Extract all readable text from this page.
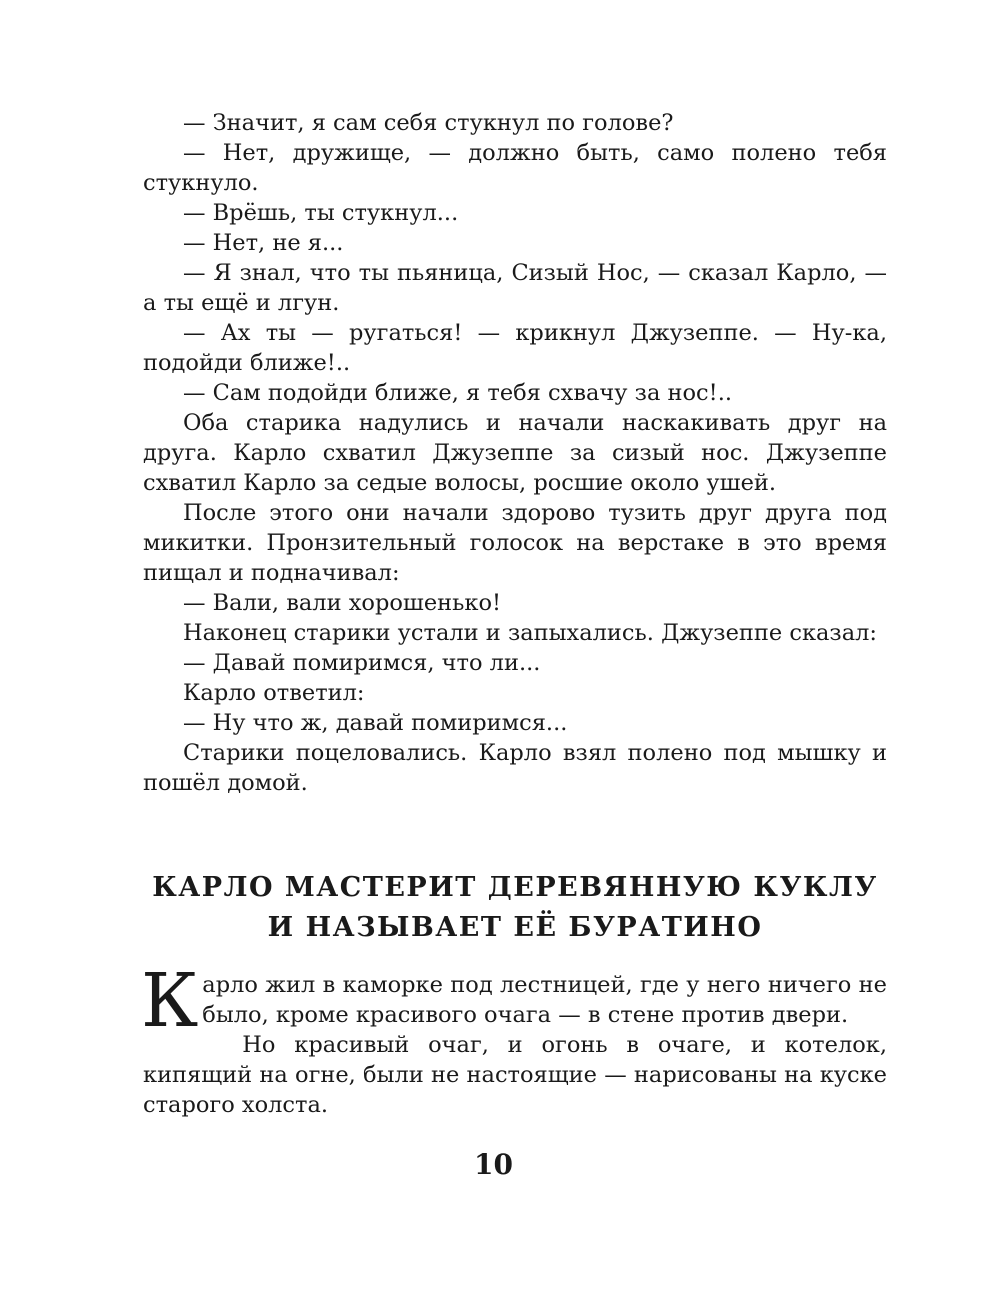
— Значит, я сам себя стукнул по голове?

— Нет, дружище, — должно быть, само полено тебя стукнуло.

— Врёшь, ты стукнул...

— Нет, не я...

— Я знал, что ты пьяница, Сизый Нос, — сказал Карло, — а ты ещё и лгун.

— Ах ты — ругаться! — крикнул Джузеппе. — Ну-ка, подойди ближе!..

— Сам подойди ближе, я тебя схвачу за нос!..

Оба старика надулись и начали наскакивать друг на друга. Карло схватил Джузеппе за сизый нос. Джузеппе схватил Карло за седые волосы, росшие около ушей.

После этого они начали здорово тузить друг друга под микитки. Пронзительный голосок на верстаке в это время пищал и подначивал:

— Вали, вали хорошенько!

Наконец старики устали и запыхались. Джузеппе сказал:

— Давай помиримся, что ли...

Карло ответил:

— Ну что ж, давай помиримся...

Старики поцеловались. Карло взял полено под мышку и пошёл домой.

КАРЛО МАСТЕРИТ ДЕРЕВЯННУЮ КУКЛУ
И НАЗЫВАЕТ ЕЁ БУРАТИНО

Карло жил в каморке под лестницей, где у него ничего не было, кроме красивого очага — в стене против двери.

Но красивый очаг, и огонь в очаге, и котелок, кипящий на огне, были не настоящие — нарисованы на куске старого холста.

10
